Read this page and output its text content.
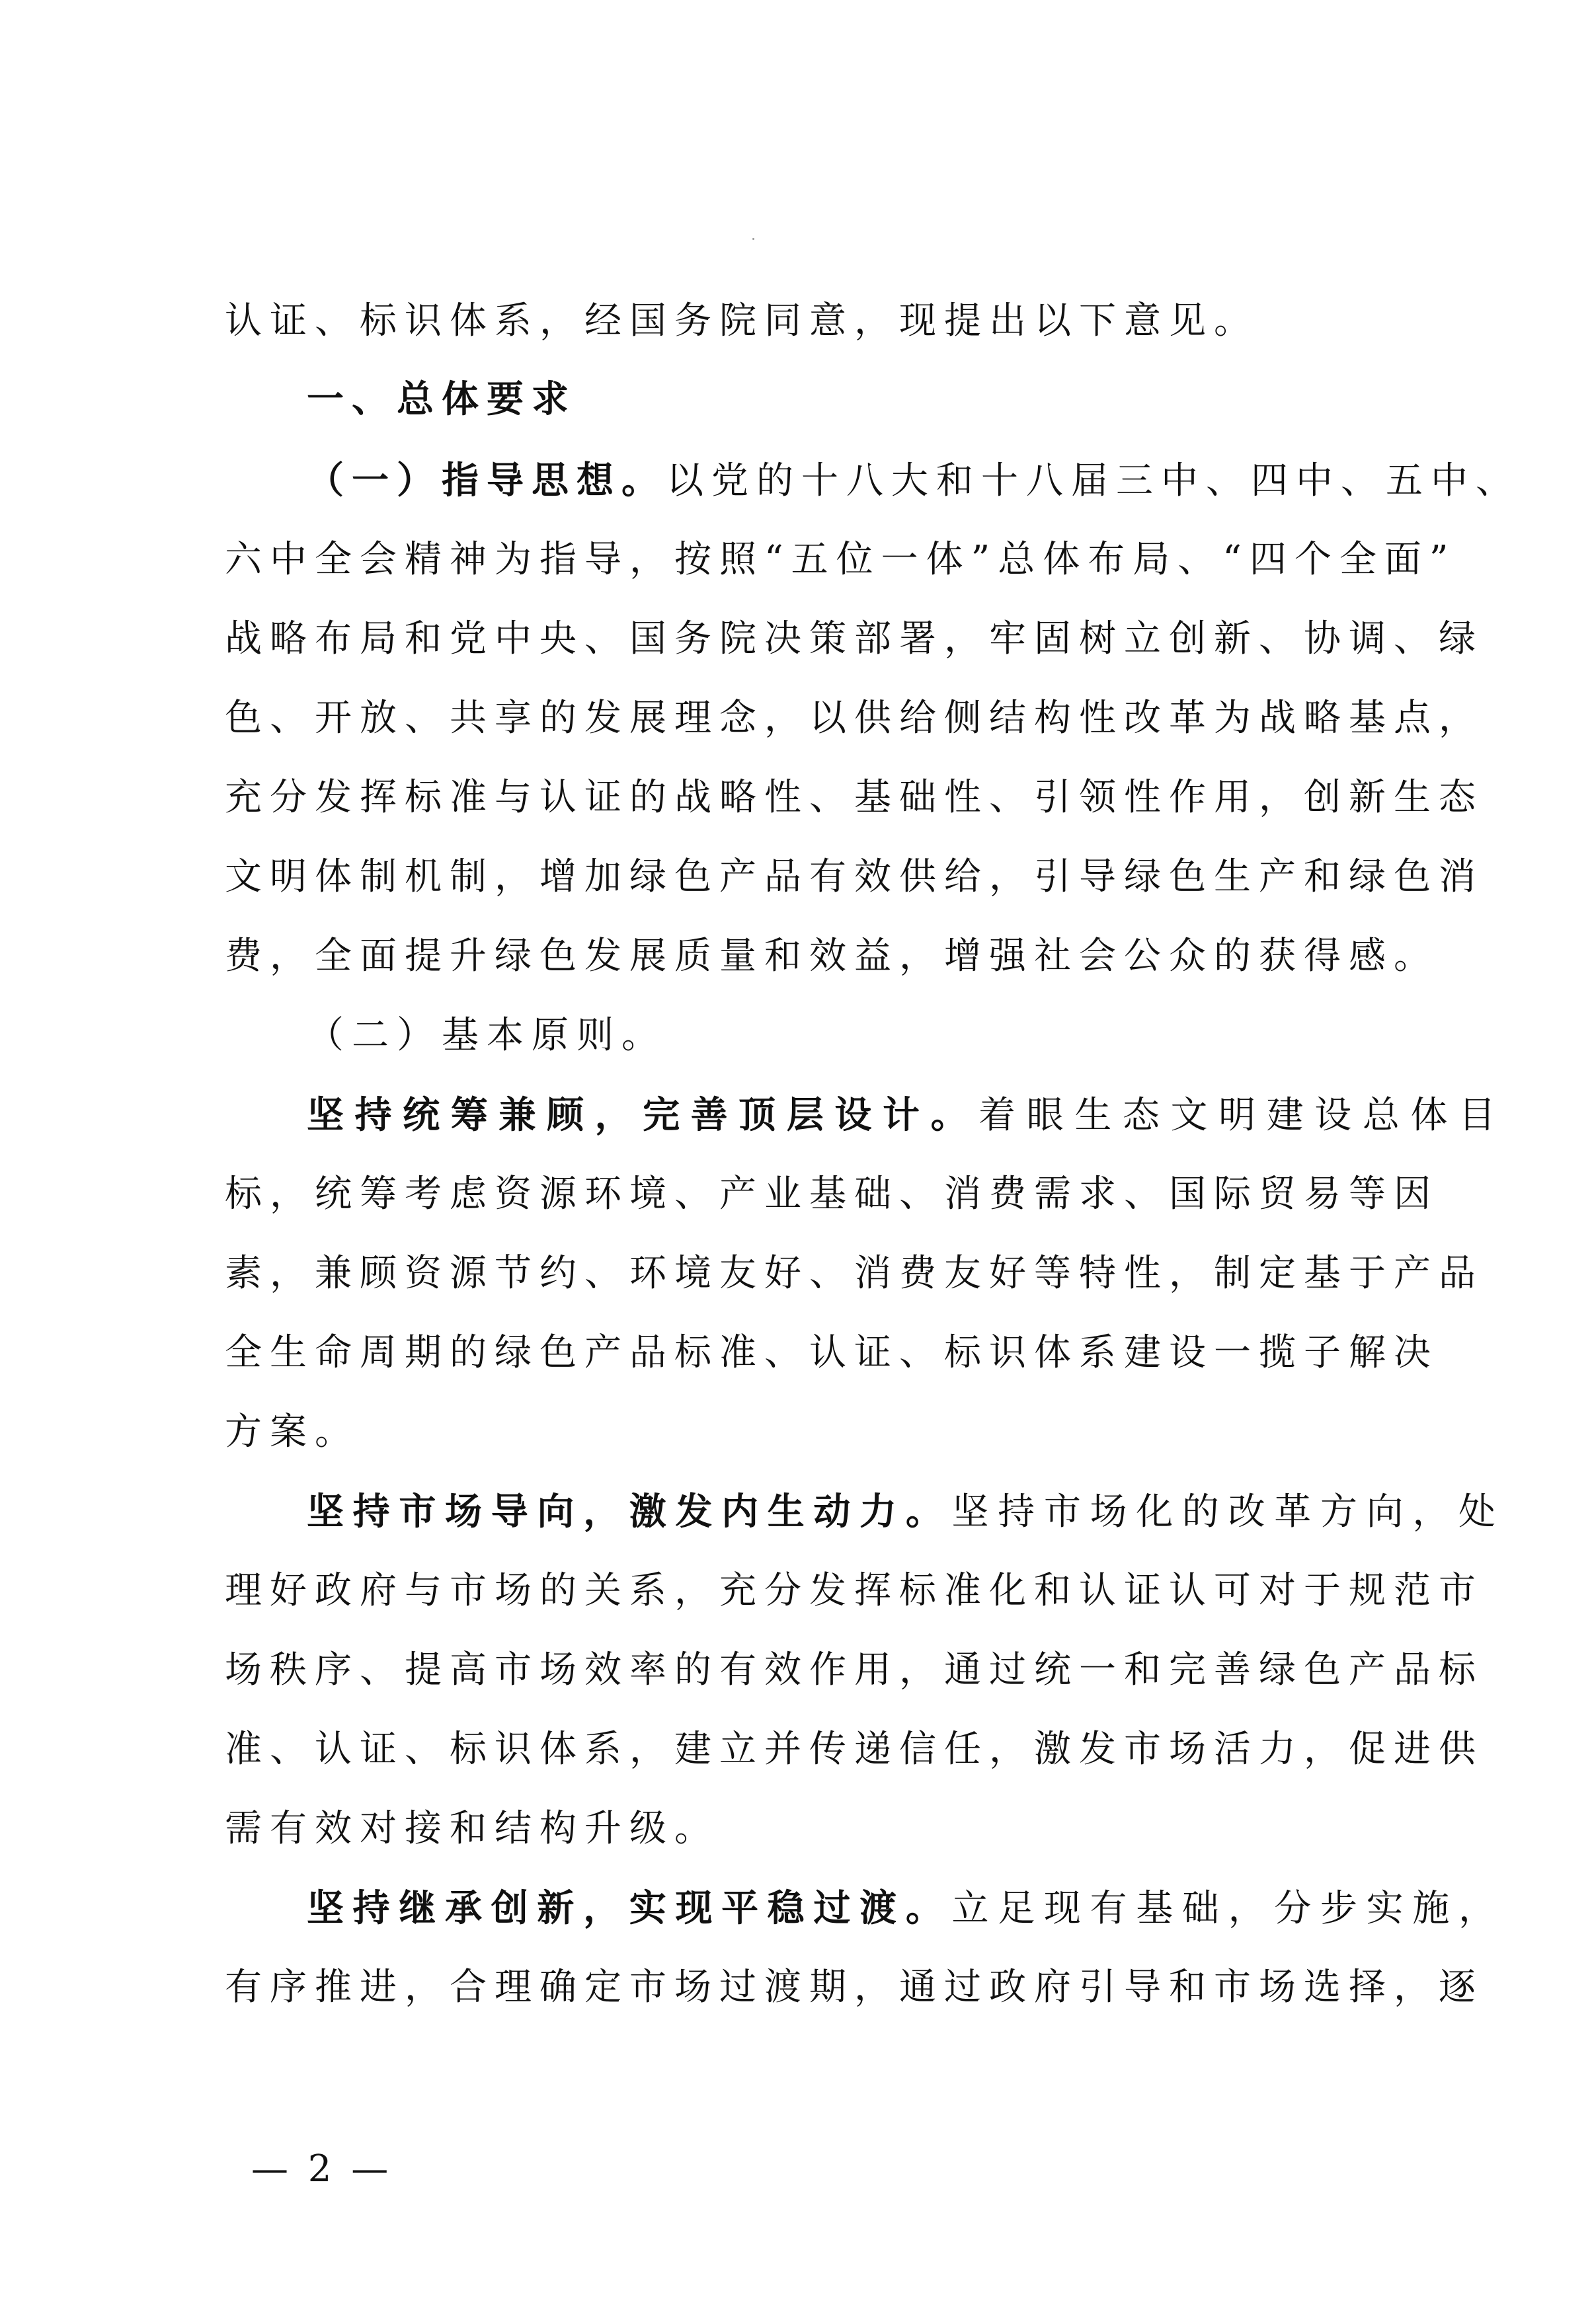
认证、标识体系，经国务院同意，现提出以下意见。
一、总体要求
（一）指导思想。以党的十八大和十八届三中、四中、五中、
六中全会精神为指导，按照“五位一体”总体布局、“四个全面”
战略布局和党中央、国务院决策部署，牢固树立创新、协调、绿
色、开放、共享的发展理念，以供给侧结构性改革为战略基点，
充分发挥标准与认证的战略性、基础性、引领性作用，创新生态
文明体制机制，增加绿色产品有效供给，引导绿色生产和绿色消
费，全面提升绿色发展质量和效益，增强社会公众的获得感。
（二）基本原则。
坚持统筹兼顾，完善顶层设计。着眼生态文明建设总体目
标，统筹考虑资源环境、产业基础、消费需求、国际贸易等因
素，兼顾资源节约、环境友好、消费友好等特性，制定基于产品
全生命周期的绿色产品标准、认证、标识体系建设一揽子解决
方案。
坚持市场导向，激发内生动力。坚持市场化的改革方向，处
理好政府与市场的关系，充分发挥标准化和认证认可对于规范市
场秩序、提高市场效率的有效作用，通过统一和完善绿色产品标
准、认证、标识体系，建立并传递信任，激发市场活力，促进供
需有效对接和结构升级。
坚持继承创新，实现平稳过渡。立足现有基础，分步实施，
有序推进，合理确定市场过渡期，通过政府引导和市场选择，逐
— 2 —
